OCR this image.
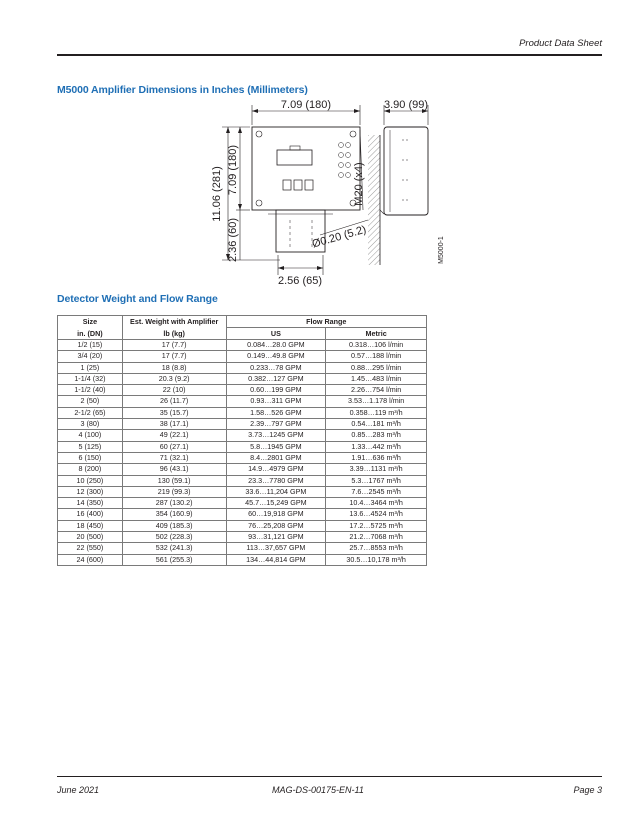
Product Data Sheet
M5000 Amplifier Dimensions in Inches (Millimeters)
7.09 (180)	3.90 (99)
11.06 (281) 7.09 (180)
2.36 (60)
2.56 (65)
Ø0.20 (5.2)
M20 (x4)
M5000-1
Detector Weight and Flow Range
Size	Est. Weight with Amplifier	Flow Range	
in. (DN)	lb (kg)	US	Metric
1/2 (15)	17 (7.7)	0.084…28.0 GPM	0.318…106 l/min
3/4 (20)	17 (7.7)	0.149…49.8 GPM	0.57…188 l/min
1 (25)	18 (8.8)	0.233…78 GPM	0.88…295 l/min
1-1/4 (32)	20.3 (9.2)	0.382…127 GPM	1.45…483 l/min
1-1/2 (40)	22 (10)	0.60…199 GPM	2.26…754 l/min
2 (50)	26 (11.7)	0.93…311 GPM	3.53…1.178 l/min
2-1/2 (65)	35 (15.7)	1.58…526 GPM	0.358…119 m³/h
3 (80)	38 (17.1)	2.39…797 GPM	0.54…181 m³/h
4 (100)	49 (22.1)	3.73…1245 GPM	0.85…283 m³/h
5 (125)	60 (27.1)	5.8…1945 GPM	1.33…442 m³/h
6 (150)	71 (32.1)	8.4…2801 GPM	1.91…636 m³/h
8 (200)	96 (43.1)	14.9…4979 GPM	3.39…1131 m³/h
10 (250)	130 (59.1)	23.3…7780 GPM	5.3…1767 m³/h
12 (300)	219 (99.3)	33.6…11,204 GPM	7.6…2545 m³/h
14 (350)	287 (130.2)	45.7…15,249 GPM	10.4…3464 m³/h
16 (400)	354 (160.9)	60…19,918 GPM	13.6…4524 m³/h
18 (450)	409 (185.3)	76…25,208 GPM	17.2…5725 m³/h
20 (500)	502 (228.3)	93…31,121 GPM	21.2…7068 m³/h
22 (550)	532 (241.3)	113…37,657 GPM	25.7…8553 m³/h
24 (600)	561 (255.3)	134…44,814 GPM	30.5…10,178 m³/h
June 2021	MAG-DS-00175-EN-11	Page 3
